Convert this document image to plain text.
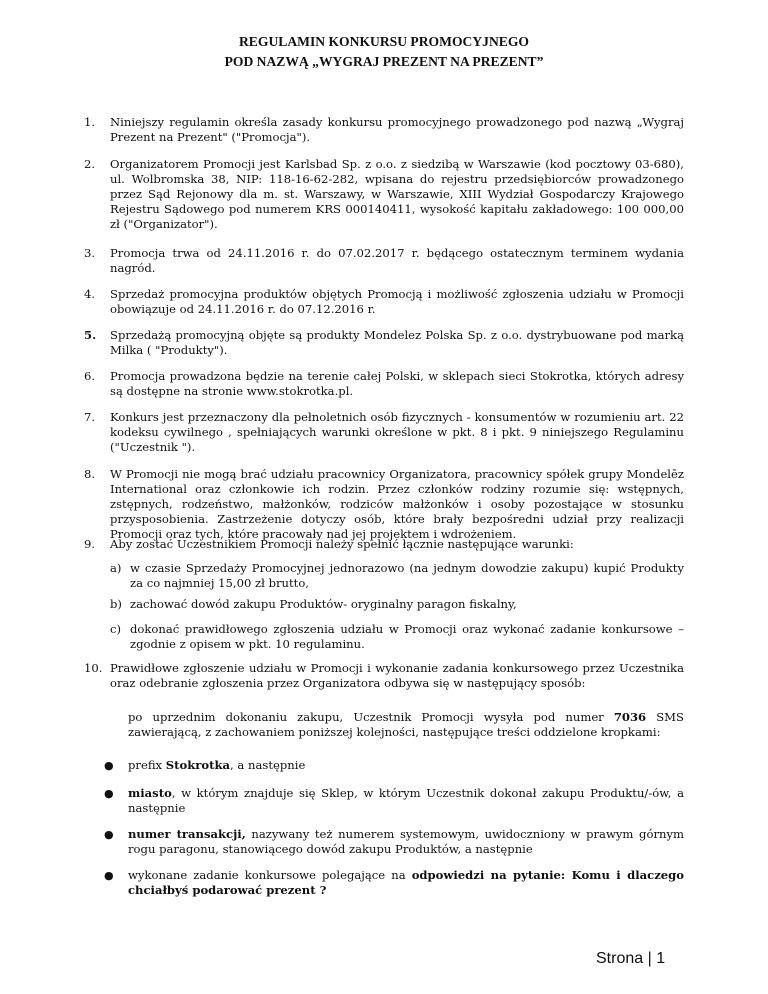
REGULAMIN KONKURSU PROMOCYJNEGO
POD NAZWĄ „WYGRAJ PREZENT NA PREZENT”
1. Niniejszy regulamin określa zasady konkursu promocyjnego prowadzonego pod nazwą „Wygraj Prezent na Prezent" ("Promocja").
2. Organizatorem Promocji jest Karlsbad Sp. z o.o. z siedzibą w Warszawie (kod pocztowy 03-680), ul. Wolbromska 38, NIP: 118-16-62-282, wpisana do rejestru przedsiębiorców prowadzonego przez Sąd Rejonowy dla m. st. Warszawy, w Warszawie, XIII Wydział Gospodarczy Krajowego Rejestru Sądowego pod numerem KRS 000140411, wysokość kapitału zakładowego: 100 000,00 zł ("Organizator").
3. Promocja trwa od 24.11.2016 r. do 07.02.2017 r. będącego ostatecznym terminem wydania nagród.
4. Sprzedaż promocyjna produktów objętych Promocją i możliwość zgłoszenia udziału w Promocji obowiązuje od 24.11.2016 r. do 07.12.2016 r.
5. Sprzedażą promocyjną objęte są produkty Mondelez Polska Sp. z o.o. dystrybuowane pod marką Milka ( "Produkty").
6. Promocja prowadzona będzie na terenie całej Polski, w sklepach sieci Stokrotka, których adresy są dostępne na stronie www.stokrotka.pl.
7. Konkurs jest przeznaczony dla pełnoletnich osób fizycznych - konsumentów w rozumieniu art. 22 kodeksu cywilnego , spełniających warunki określone w pkt. 8 i pkt. 9 niniejszego Regulaminu ("Uczestnik ").
8. W Promocji nie mogą brać udziału pracownicy Organizatora, pracownicy spółek grupy Mondelēz International oraz członkowie ich rodzin. Przez członków rodziny rozumie się: wstępnych, zstępnych, rodzeństwo, małżonków, rodziców małżonków i osoby pozostające w stosunku przysposobienia. Zastrzeżenie dotyczy osób, które brały bezpośredni udział przy realizacji Promocji oraz tych, które pracowały nad jej projektem i wdrożeniem.
9. Aby zostać Uczestnikiem Promocji należy spełnić łącznie następujące warunki:
a) w czasie Sprzedaży Promocyjnej jednorazowo (na jednym dowodzie zakupu) kupić Produkty za co najmniej 15,00 zł brutto,
b) zachować dowód zakupu Produktów- oryginalny paragon fiskalny,
c) dokonać prawidłowego zgłoszenia udziału w Promocji oraz wykonać zadanie konkursowe – zgodnie z opisem w pkt. 10 regulaminu.
10. Prawidłowe zgłoszenie udziału w Promocji i wykonanie zadania konkursowego przez Uczestnika oraz odebranie zgłoszenia przez Organizatora odbywa się w następujący sposób:
po uprzednim dokonaniu zakupu, Uczestnik Promocji wysyła pod numer 7036 SMS zawierającą, z zachowaniem poniższej kolejności, następujące treści oddzielone kropkami:
● prefix Stokrotka, a następnie
● miasto, w którym znajduje się Sklep, w którym Uczestnik dokonał zakupu Produktu/-ów, a następnie
● numer transakcji, nazywany też numerem systemowym, uwidoczniony w prawym górnym rogu paragonu, stanowiącego dowód zakupu Produktów, a następnie
● wykonane zadanie konkursowe polegające na odpowiedzi na pytanie: Komu i dlaczego chciałbyś podarować prezent ?
Strona | 1
